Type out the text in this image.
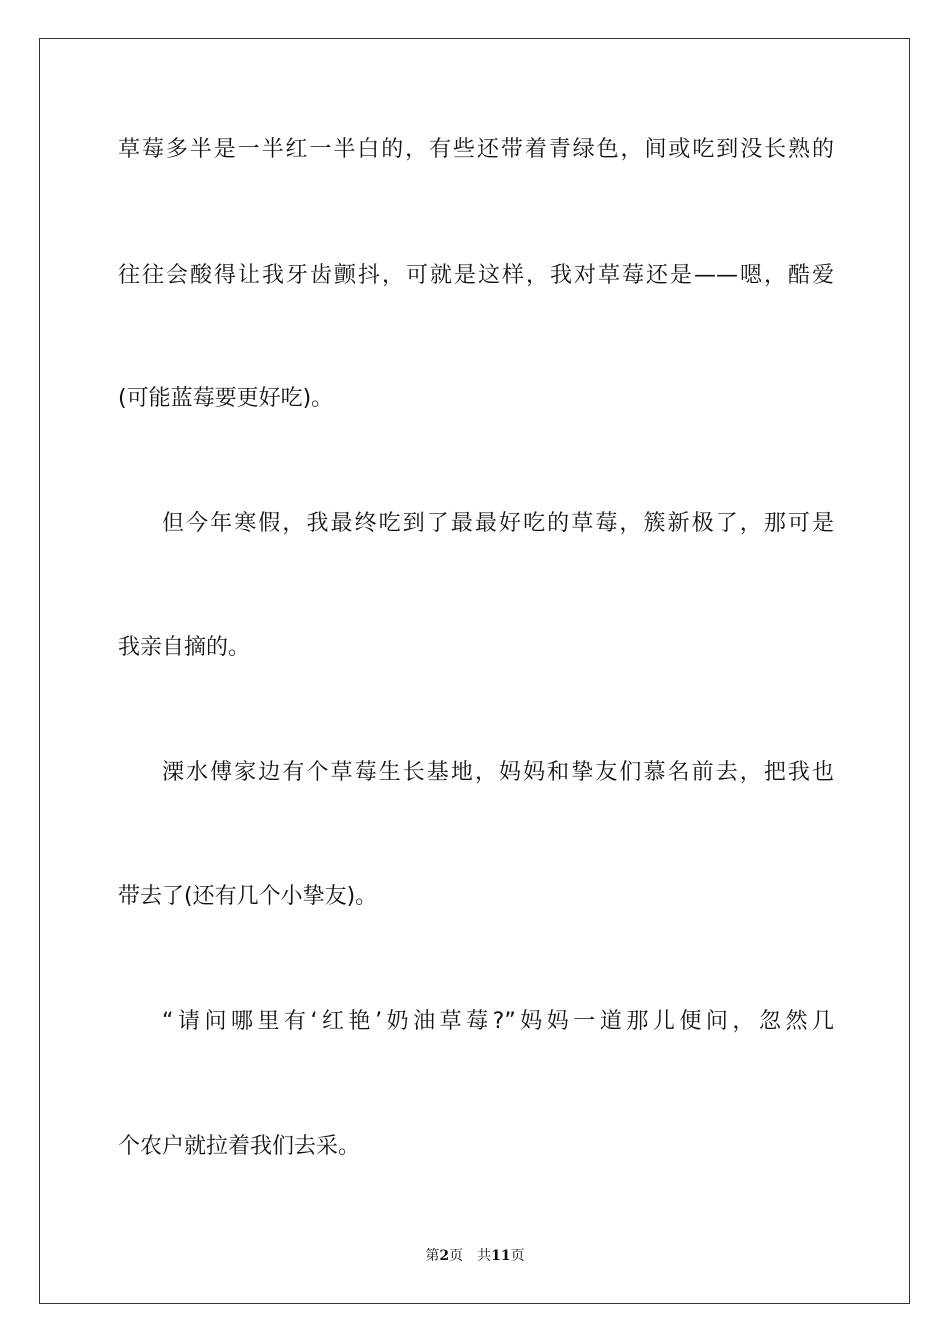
草莓多半是一半红一半白的，有些还带着青绿色，间或吃到没长熟的
往往会酸得让我牙齿颤抖，可就是这样，我对草莓还是——嗯，酷爱
(可能蓝莓要更好吃)。
但今年寒假，我最终吃到了最最好吃的草莓，簇新极了，那可是
我亲自摘的。
溧水傅家边有个草莓生长基地，妈妈和挚友们慕名前去，把我也
带去了(还有几个小挚友)。
“请问哪里有‘红艳’奶油草莓?”妈妈一道那儿便问，忽然几
个农户就拉着我们去采。
第2页 共11页
